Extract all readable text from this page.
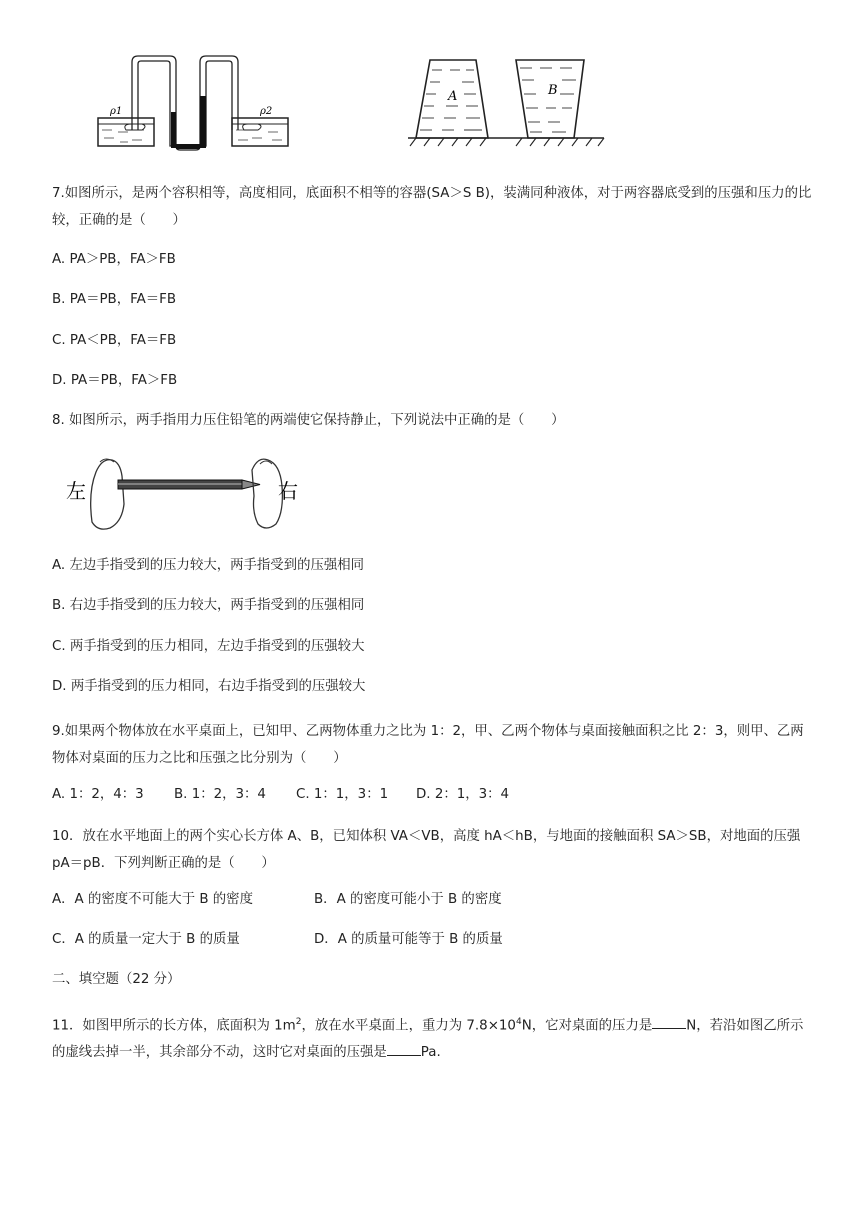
ρ1	ρ2
A	B
7.如图所示，是两个容积相等，高度相同，底面积不相等的容器(SA＞S B)，装满同种液体，对于两容器底受到的压强和压力的比较，正确的是（　　）
A. PA＞PB，FA＞FB
B. PA＝PB，FA＝FB
C. PA＜PB，FA＝FB
D. PA＝PB，FA＞FB
8. 如图所示，两手指用力压住铅笔的两端使它保持静止，下列说法中正确的是（　　）
左	右
A. 左边手指受到的压力较大，两手指受到的压强相同
B. 右边手指受到的压力较大，两手指受到的压强相同
C. 两手指受到的压力相同，左边手指受到的压强较大
D. 两手指受到的压力相同，右边手指受到的压强较大
9.如果两个物体放在水平桌面上，已知甲、乙两物体重力之比为 1：2，甲、乙两个物体与桌面接触面积之比 2：3，则甲、乙两物体对桌面的压力之比和压强之比分别为（　　）
A. 1：2，4：3 B. 1：2，3：4 C. 1：1，3：1 D. 2：1，3：4
10．放在水平地面上的两个实心长方体 A、B，已知体积 VA＜VB，高度 hA＜hB，与地面的接触面积 SA＞SB，对地面的压强 pA＝pB．下列判断正确的是（　　）
A．A 的密度不可能大于 B 的密度	B．A 的密度可能小于 B 的密度
C．A 的质量一定大于 B 的质量	D．A 的质量可能等于 B 的质量
二、填空题（22 分）
11．如图甲所示的长方体，底面积为 $1m^2$，放在水平桌面上，重力为 $7.8\times 10^4N$，它对桌面的压力是	N，若沿如图乙所示的虚线去掉一半，其余部分不动，这时它对桌面的压强是	Pa.
